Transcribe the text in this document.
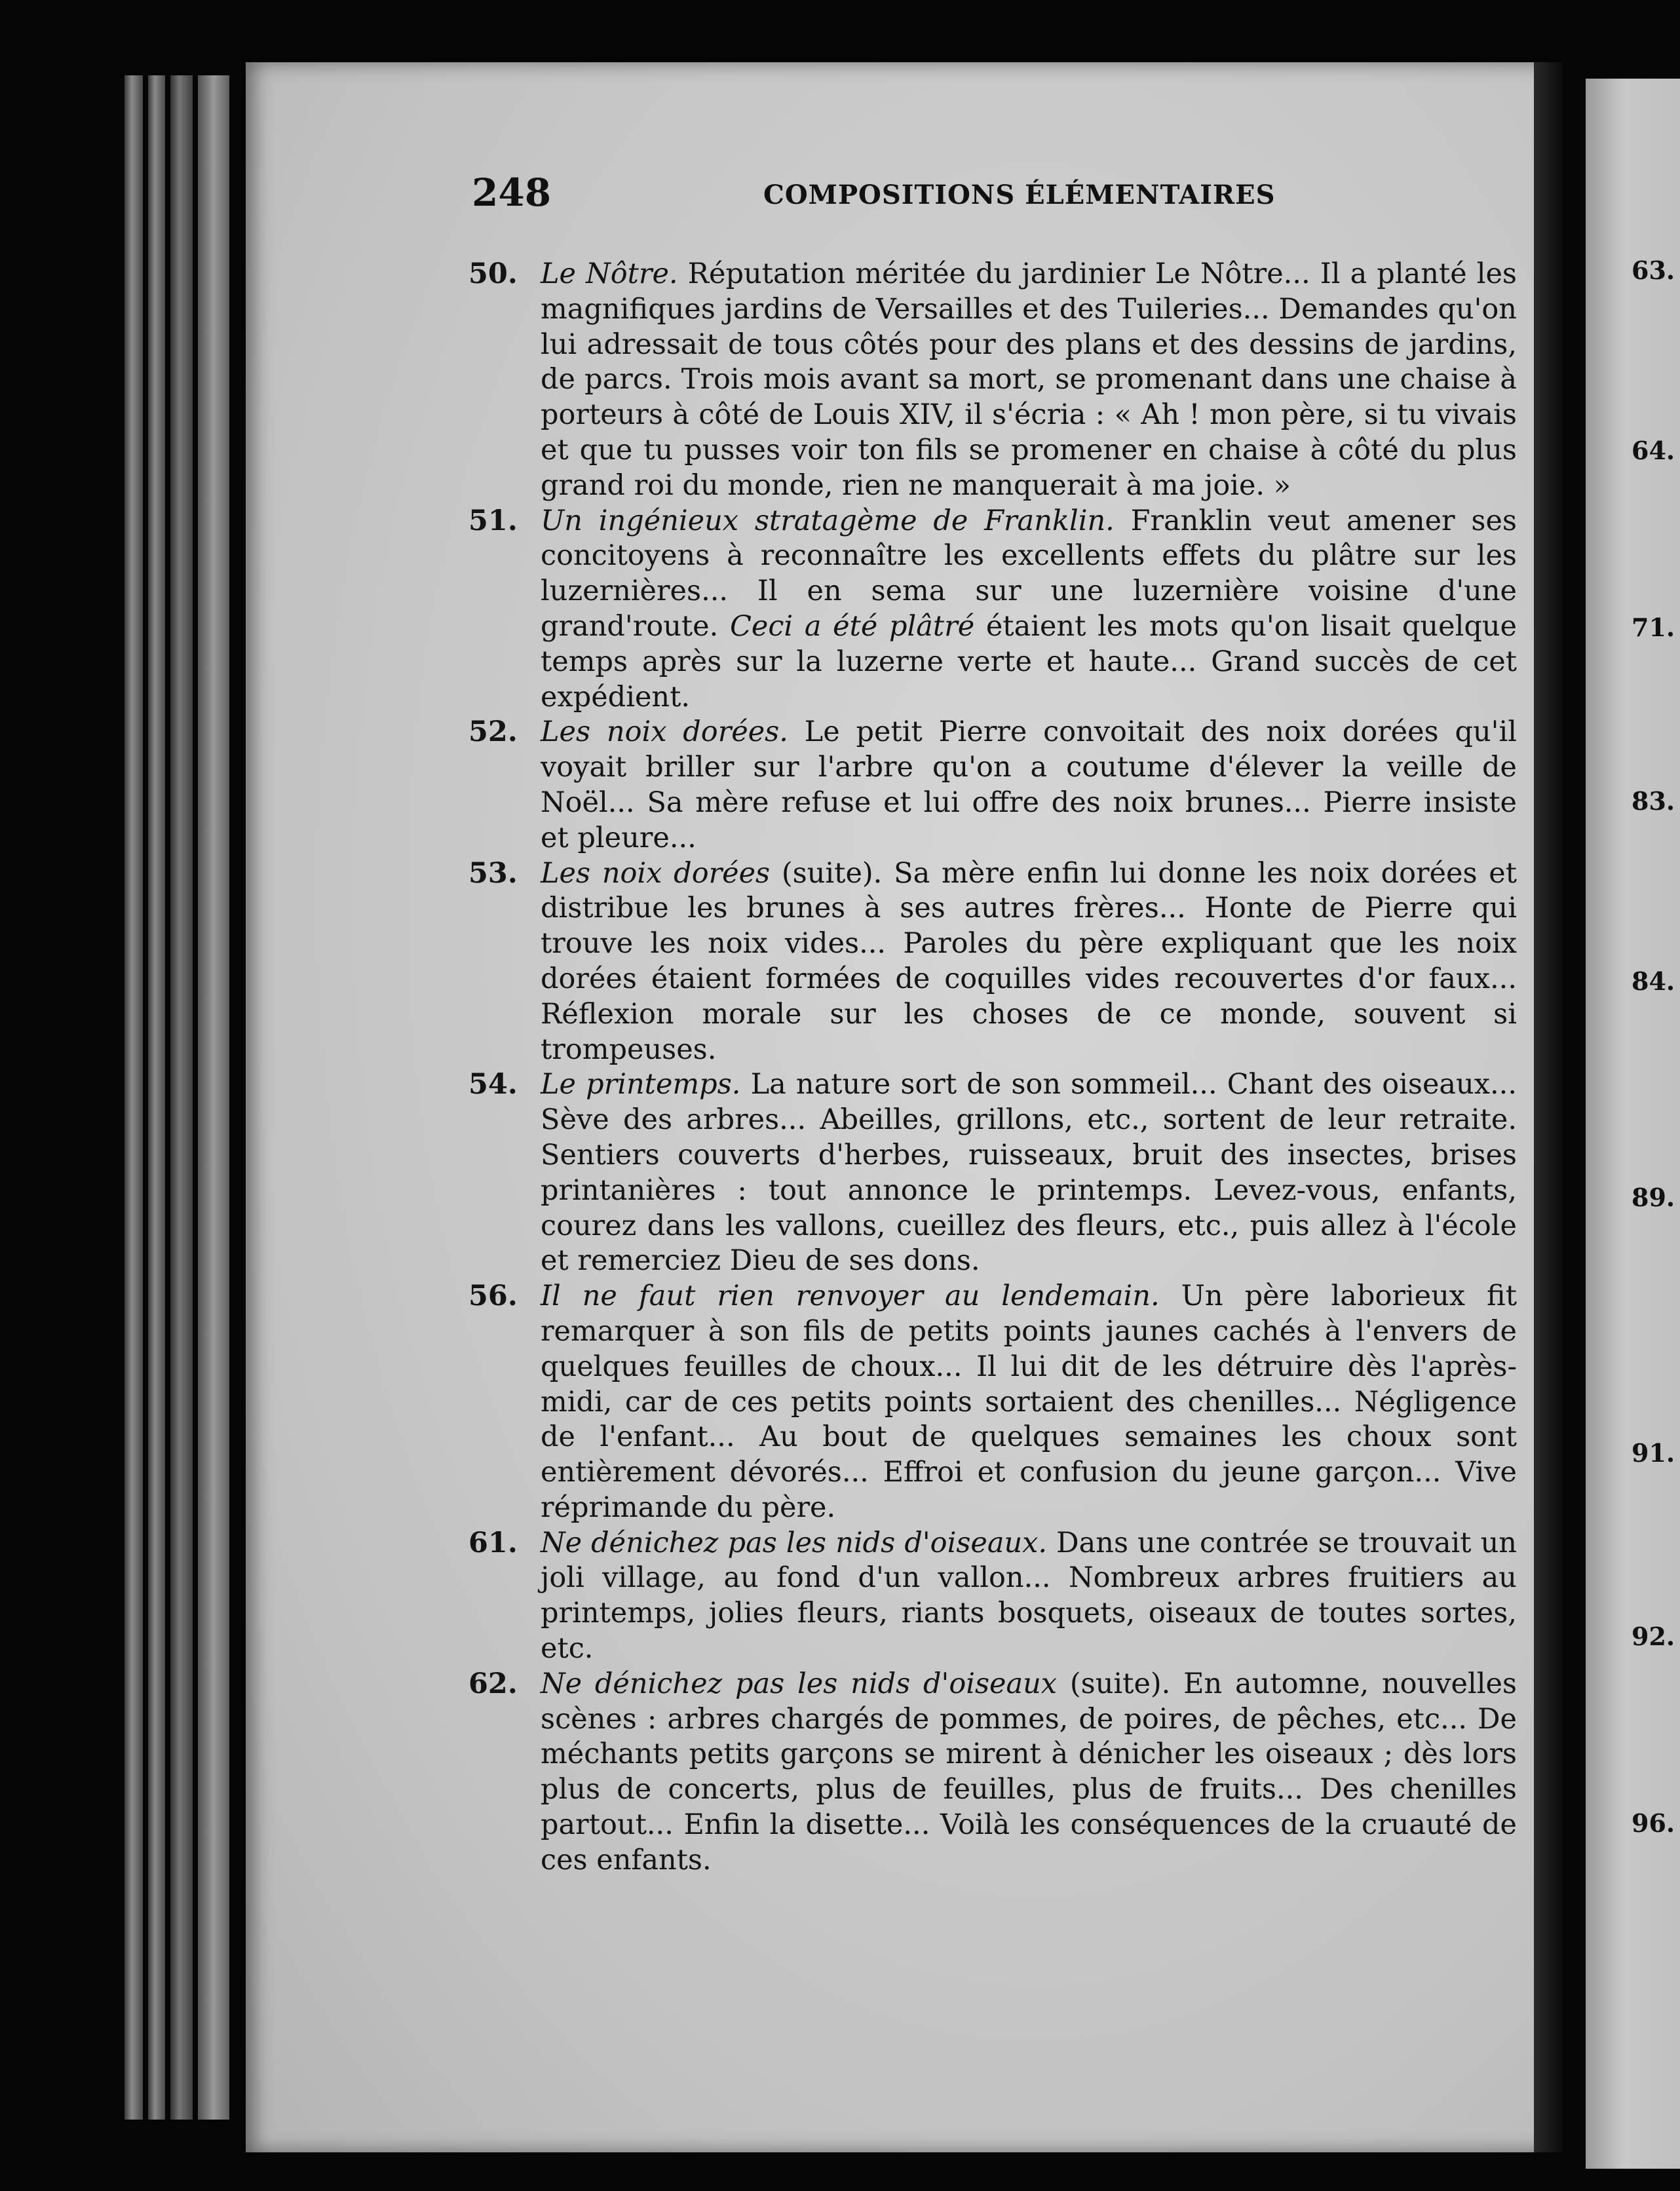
63.
64.
71.
83.
84.
89.
91.
92.
96.
248	COMPOSITIONS ÉLÉMENTAIRES

50. Le Nôtre. Réputation méritée du jardinier Le Nôtre... Il a planté les magnifiques jardins de Versailles et des Tuileries... Demandes qu'on lui adressait de tous côtés pour des plans et des dessins de jardins, de parcs. Trois mois avant sa mort, se promenant dans une chaise à porteurs à côté de Louis XIV, il s'écria : « Ah ! mon père, si tu vivais et que tu pusses voir ton fils se promener en chaise à côté du plus grand roi du monde, rien ne manquerait à ma joie. »

51. Un ingénieux stratagème de Franklin. Franklin veut amener ses concitoyens à reconnaître les excellents effets du plâtre sur les luzernières... Il en sema sur une luzernière voisine d'une grand'route. Ceci a été plâtré étaient les mots qu'on lisait quelque temps après sur la luzerne verte et haute... Grand succès de cet expédient.

52. Les noix dorées. Le petit Pierre convoitait des noix dorées qu'il voyait briller sur l'arbre qu'on a coutume d'élever la veille de Noël... Sa mère refuse et lui offre des noix brunes... Pierre insiste et pleure...

53. Les noix dorées (suite). Sa mère enfin lui donne les noix dorées et distribue les brunes à ses autres frères... Honte de Pierre qui trouve les noix vides... Paroles du père expliquant que les noix dorées étaient formées de coquilles vides recouvertes d'or faux... Réflexion morale sur les choses de ce monde, souvent si trompeuses.

54. Le printemps. La nature sort de son sommeil... Chant des oiseaux... Sève des arbres... Abeilles, grillons, etc., sortent de leur retraite. Sentiers couverts d'herbes, ruisseaux, bruit des insectes, brises printanières : tout annonce le printemps. Levez-vous, enfants, courez dans les vallons, cueillez des fleurs, etc., puis allez à l'école et remerciez Dieu de ses dons.

56. Il ne faut rien renvoyer au lendemain. Un père laborieux fit remarquer à son fils de petits points jaunes cachés à l'envers de quelques feuilles de choux... Il lui dit de les détruire dès l'après-midi, car de ces petits points sortaient des chenilles... Négligence de l'enfant... Au bout de quelques semaines les choux sont entièrement dévorés... Effroi et confusion du jeune garçon... Vive réprimande du père.

61. Ne dénichez pas les nids d'oiseaux. Dans une contrée se trouvait un joli village, au fond d'un vallon... Nombreux arbres fruitiers au printemps, jolies fleurs, riants bosquets, oiseaux de toutes sortes, etc.

62. Ne dénichez pas les nids d'oiseaux (suite). En automne, nouvelles scènes : arbres chargés de pommes, de poires, de pêches, etc... De méchants petits garçons se mirent à dénicher les oiseaux ; dès lors plus de concerts, plus de feuilles, plus de fruits... Des chenilles partout... Enfin la disette... Voilà les conséquences de la cruauté de ces enfants.
